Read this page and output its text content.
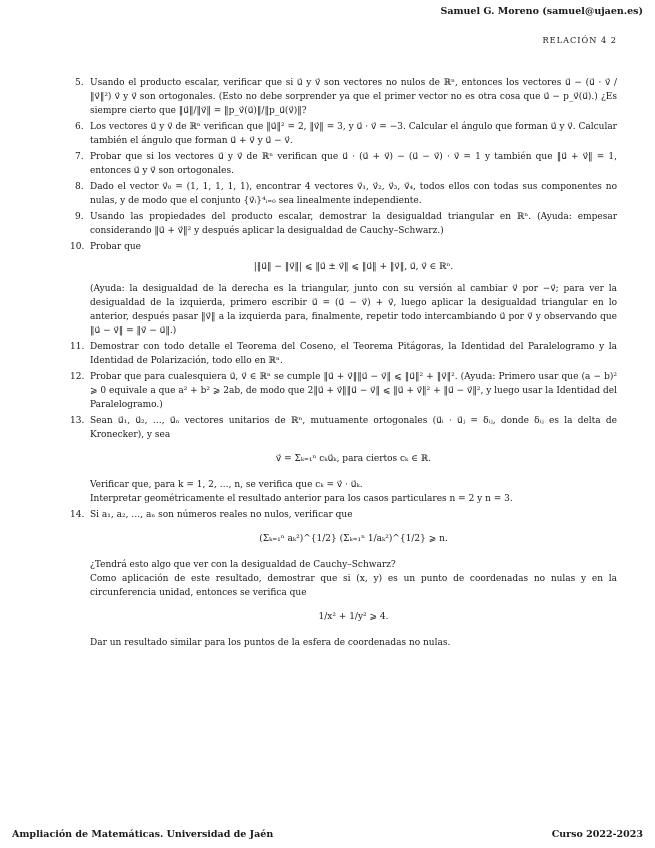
Samuel G. Moreno (samuel@ujaen.es)
RELACIÓN 4 2
5. Usando el producto escalar, verificar que si u⃗ y v⃗ son vectores no nulos de ℝⁿ, entonces los vectores u⃗ − (u⃗ · v⃗ / ‖v⃗‖²) v⃗ y v⃗ son ortogonales. (Esto no debe sorprender ya que el primer vector no es otra cosa que u⃗ − p_v⃗(u⃗).) ¿Es siempre cierto que ‖u⃗‖/‖v⃗‖ = ‖p_v⃗(u⃗)‖/‖p_u⃗(v⃗)‖?
6. Los vectores u⃗ y v⃗ de ℝⁿ verifican que ‖u⃗‖² = 2, ‖v⃗‖ = 3, y u⃗ · v⃗ = −3. Calcular el ángulo que forman u⃗ y v⃗. Calcular también el ángulo que forman u⃗ + v⃗ y u⃗ − v⃗.
7. Probar que si los vectores u⃗ y v⃗ de ℝⁿ verifican que u⃗ · (u⃗ + v⃗) − (u⃗ − v⃗) · v⃗ = 1 y también que ‖u⃗ + v⃗‖ = 1, entonces u⃗ y v⃗ son ortogonales.
8. Dado el vector v⃗₀ = (1, 1, 1, 1, 1), encontrar 4 vectores v⃗₁, v⃗₂, v⃗₃, v⃗₄, todos ellos con todas sus componentes no nulas, y de modo que el conjunto {v⃗ᵢ}⁴ᵢ₌₀ sea linealmente independiente.
9. Usando las propiedades del producto escalar, demostrar la desigualdad triangular en ℝⁿ. (Ayuda: empesar considerando ‖u⃗ + v⃗‖² y después aplicar la desigualdad de Cauchy–Schwarz.)
10. Probar que
|‖u⃗‖ − ‖v⃗‖| ⩽ ‖u⃗ ± v⃗‖ ⩽ ‖u⃗‖ + ‖v⃗‖, u⃗, v⃗ ∈ ℝⁿ.
(Ayuda: la desigualdad de la derecha es la triangular, junto con su versión al cambiar v⃗ por −v⃗; para ver la desigualdad de la izquierda, primero escribir u⃗ = (u⃗ − v⃗) + v⃗, luego aplicar la desigualdad triangular en lo anterior, después pasar ‖v⃗‖ a la izquierda para, finalmente, repetir todo intercambiando u⃗ por v⃗ y observando que ‖u⃗ − v⃗‖ = ‖v⃗ − u⃗‖.)
11. Demostrar con todo detalle el Teorema del Coseno, el Teorema Pitágoras, la Identidad del Paralelogramo y la Identidad de Polarización, todo ello en ℝⁿ.
12. Probar que para cualesquiera u⃗, v⃗ ∈ ℝⁿ se cumple ‖u⃗ + v⃗‖‖u⃗ − v⃗‖ ⩽ ‖u⃗‖² + ‖v⃗‖². (Ayuda: Primero usar que (a − b)² ⩾ 0 equivale a que a² + b² ⩾ 2ab, de modo que 2‖u⃗ + v⃗‖‖u⃗ − v⃗‖ ⩽ ‖u⃗ + v⃗‖² + ‖u⃗ − v⃗‖², y luego usar la Identidad del Paralelogramo.)
13. Sean u⃗₁, u⃗₂, …, u⃗ₙ vectores unitarios de ℝⁿ, mutuamente ortogonales (u⃗ᵢ · u⃗ⱼ = δᵢⱼ, donde δᵢⱼ es la delta de Kronecker), y sea
v⃗ = Σₖ₌₁ⁿ cₖu⃗ₖ, para ciertos cₖ ∈ ℝ.
Verificar que, para k = 1, 2, …, n, se verifica que cₖ = v⃗ · u⃗ₖ.
Interpretar geométricamente el resultado anterior para los casos particulares n = 2 y n = 3.
14. Si a₁, a₂, …, aₙ son números reales no nulos, verificar que
(Σₖ₌₁ⁿ aₖ²)^{1/2} (Σₖ₌₁ⁿ 1/aₖ²)^{1/2} ⩾ n.
¿Tendrá esto algo que ver con la desigualdad de Cauchy–Schwarz?
Como aplicación de este resultado, demostrar que si (x, y) es un punto de coordenadas no nulas y en la circunferencia unidad, entonces se verifica que
1/x² + 1/y² ⩾ 4.
Dar un resultado similar para los puntos de la esfera de coordenadas no nulas.
Ampliación de Matemáticas. Universidad de Jaén	Curso 2022-2023
